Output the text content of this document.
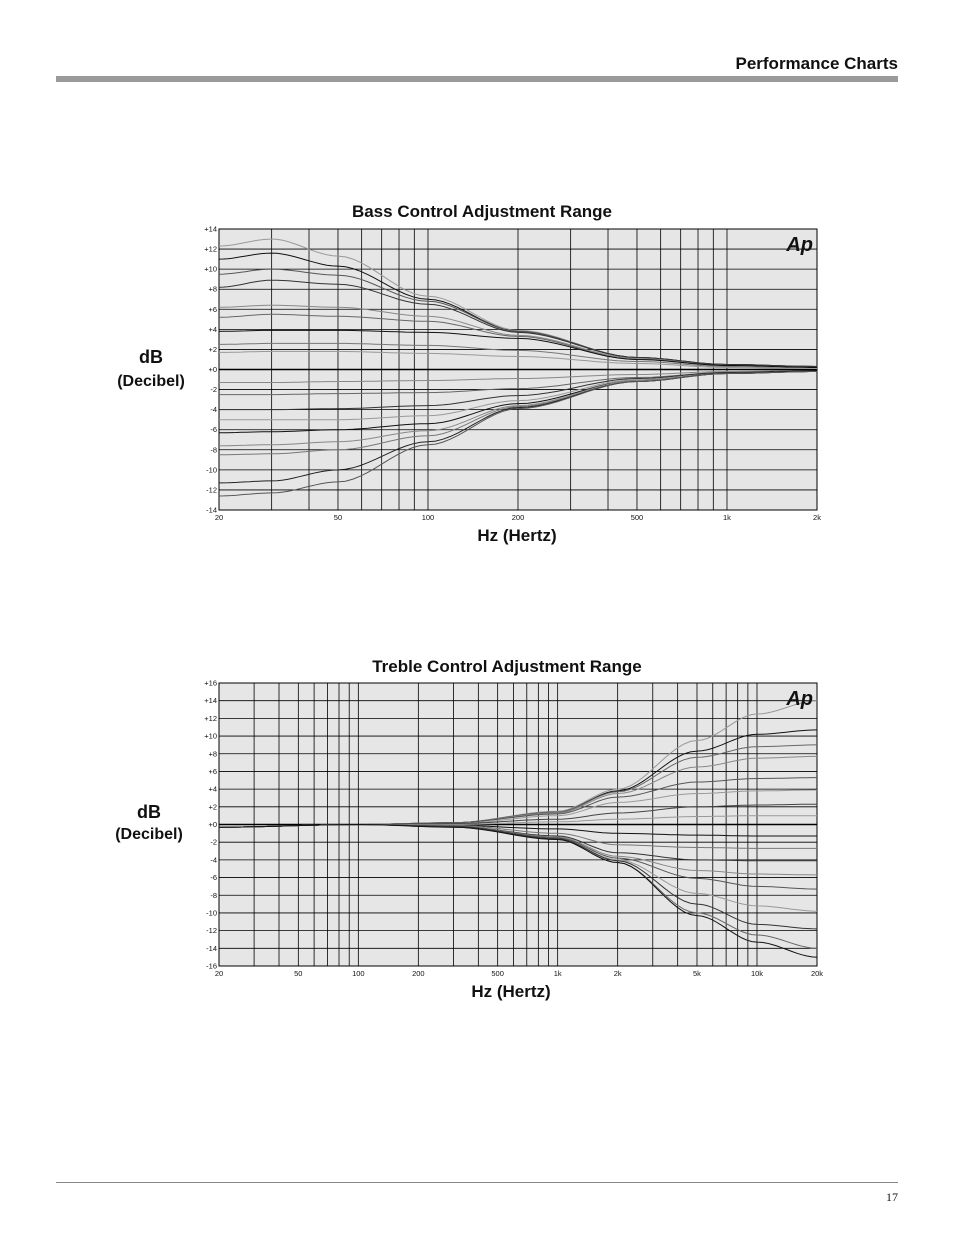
Performance Charts
Bass Control Adjustment Range
dB
(Decibel)
+14
+12
+10
+8
+6
+4
+2
+0
-2
-4
-6
-8
-10
-12
-14
20	50	100	200	500	1k	2k
Ap
Hz (Hertz)
Treble Control Adjustment Range
dB
(Decibel)
+16
+14
+12
+10
+8
+6
+4
+2
+0
-2
-4
-6
-8
-10
-12
-14
-16
20	50	100	200	500	1k	2k	5k	10k	20k
Ap
Hz (Hertz)
17
